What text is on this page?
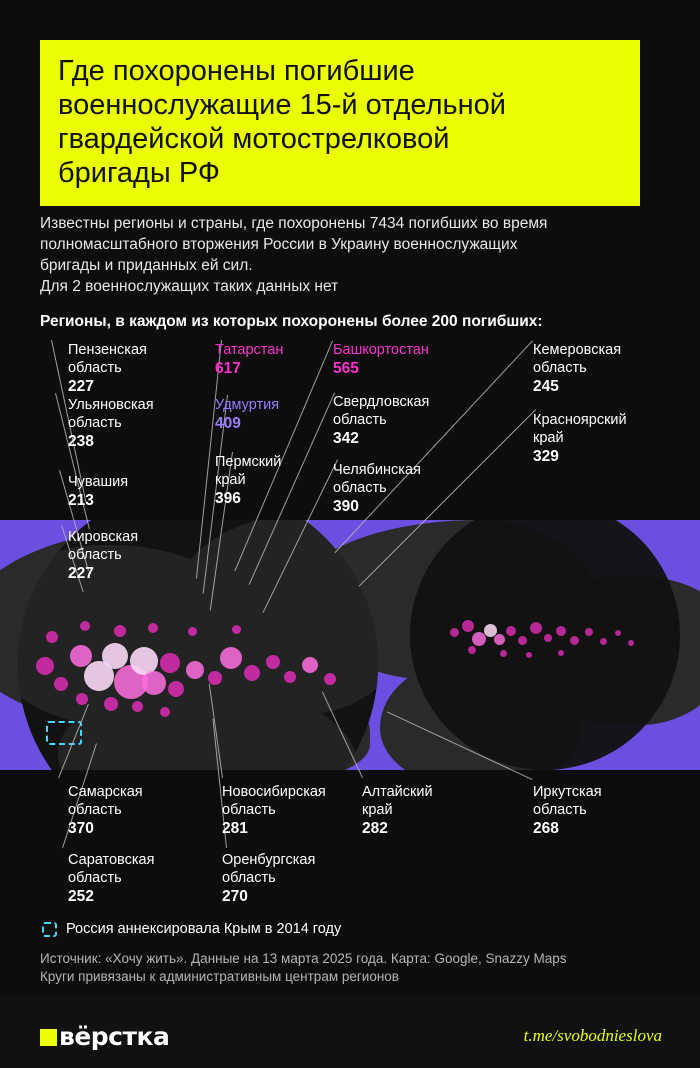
Где похоронены погибшие
военнослужащие 15-й отдельной
гвардейской мотострелковой
бригады РФ
Известны регионы и страны, где похоронены 7434 погибших во время
полномасштабного вторжения России в Украину военнослужащих
бригады и приданных ей сил.
Для 2 военнослужащих таких данных нет
Регионы, в каждом из которых похоронены более 200 погибших:
Пензенская
область
227
Ульяновская
область
238
Чувашия
213
Кировская
область
227
Татарстан
617
Удмуртия
409
Пермский
край
396
Башкортостан
565
Свердловская
область
342
Челябинская
область
390
Кемеровская
область
245
Красноярский
край
329
Самарская
область
370
Саратовская
область
252
Новосибирская
область
281
Оренбургская
область
270
Алтайский
край
282
Иркутская
область
268
Россия аннексировала Крым в 2014 году
Источник: «Хочу жить». Данные на 13 марта 2025 года. Карта: Google, Snazzy Maps
Круги привязаны к административным центрам регионов
вёрстка	t.me/svobodnieslova
